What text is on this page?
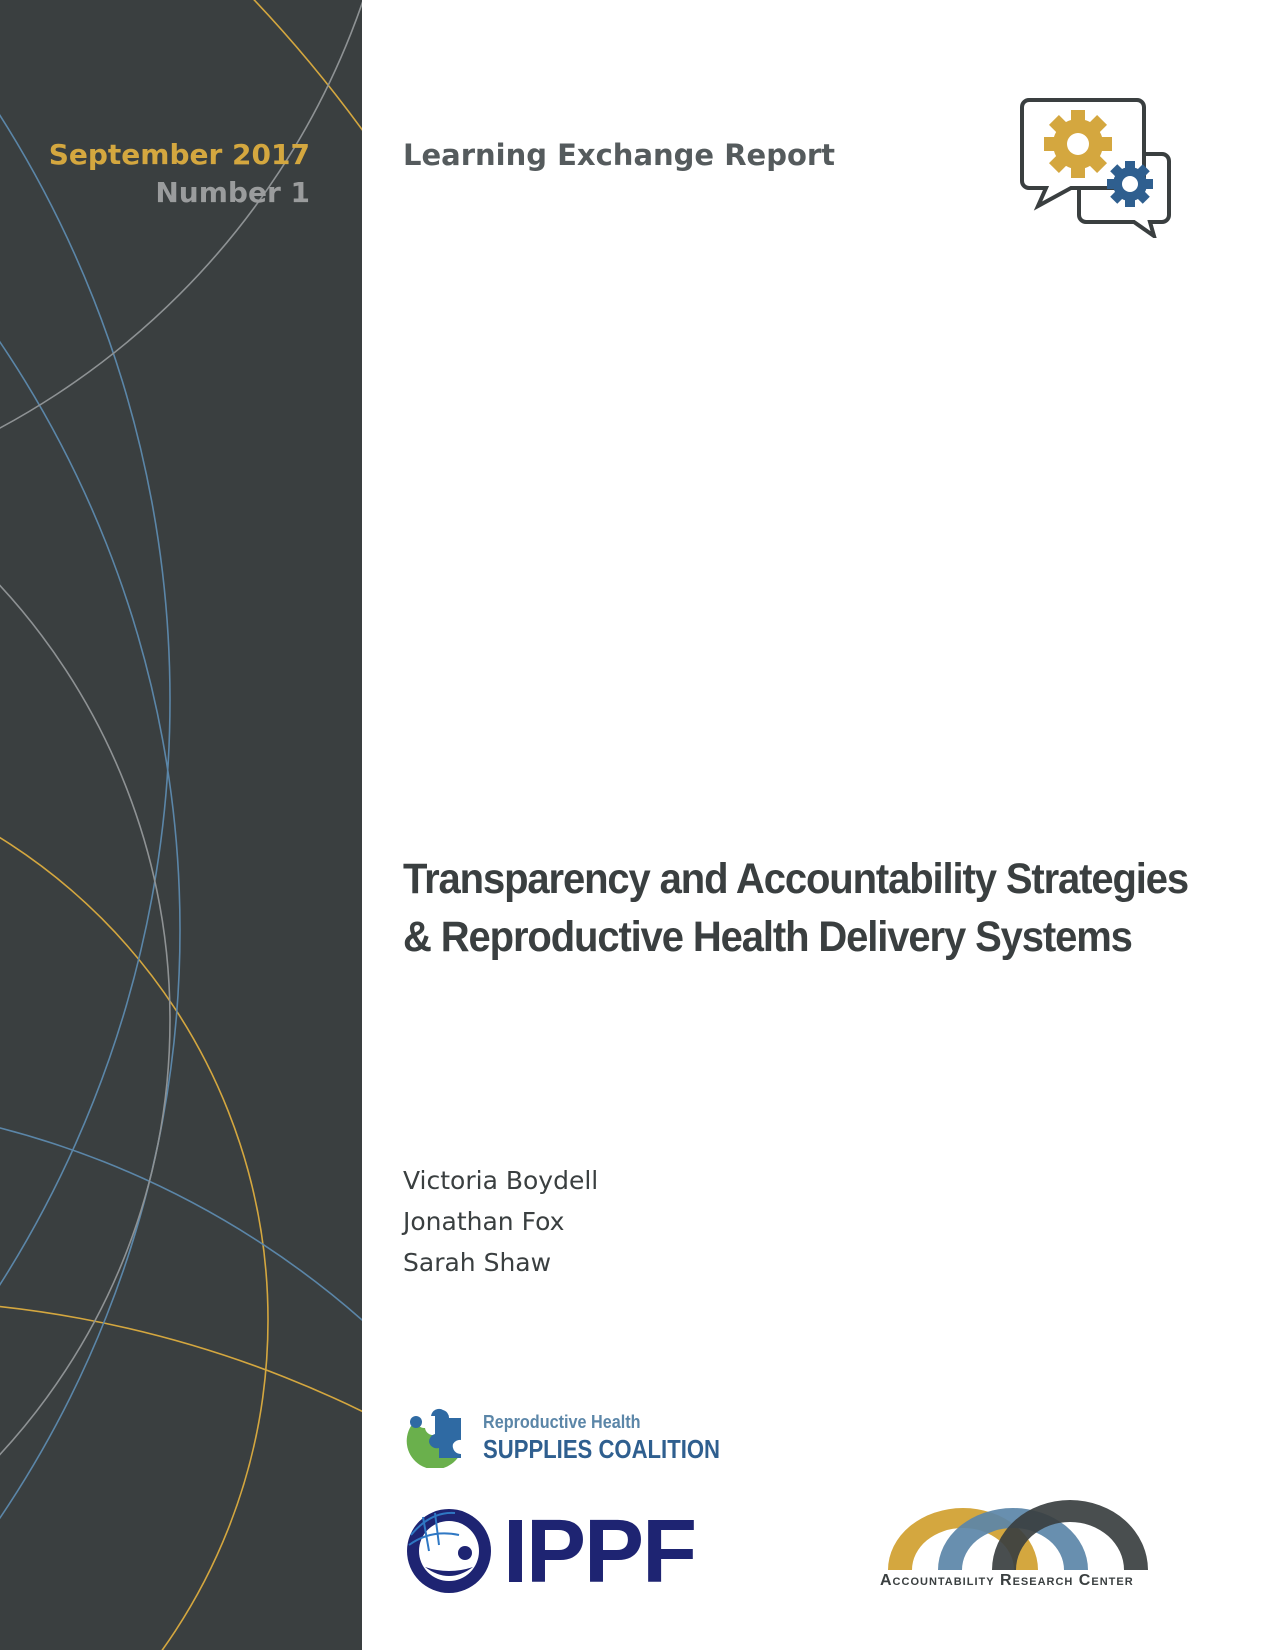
September 2017
Number 1
Learning Exchange Report
Transparency and Accountability Strategies
& Reproductive Health Delivery Systems
Victoria Boydell
Jonathan Fox
Sarah Shaw
Reproductive Health
SUPPLIES COALITION
IPPF	Accountability Research Center
